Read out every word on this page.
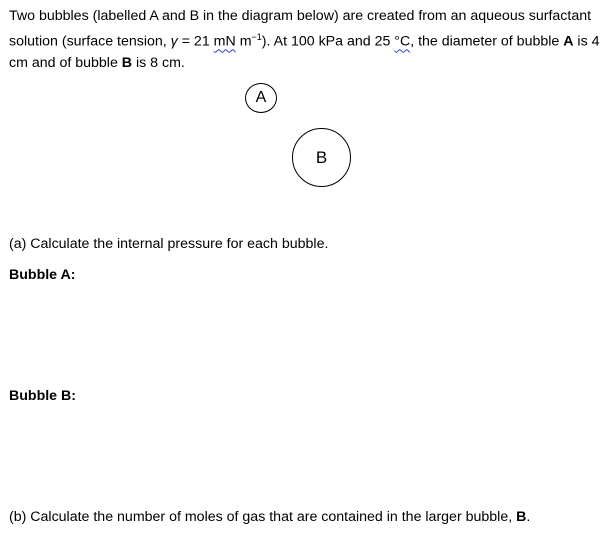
Two bubbles (labelled A and B in the diagram below) are created from an aqueous surfactant solution (surface tension, γ = 21 mN $m^{-1}$). At 100 kPa and 25 °C, the diameter of bubble A is 4 cm and of bubble B is 8 cm.

A
B

(a) Calculate the internal pressure for each bubble.

Bubble A:

Bubble B:

(b) Calculate the number of moles of gas that are contained in the larger bubble, B.
